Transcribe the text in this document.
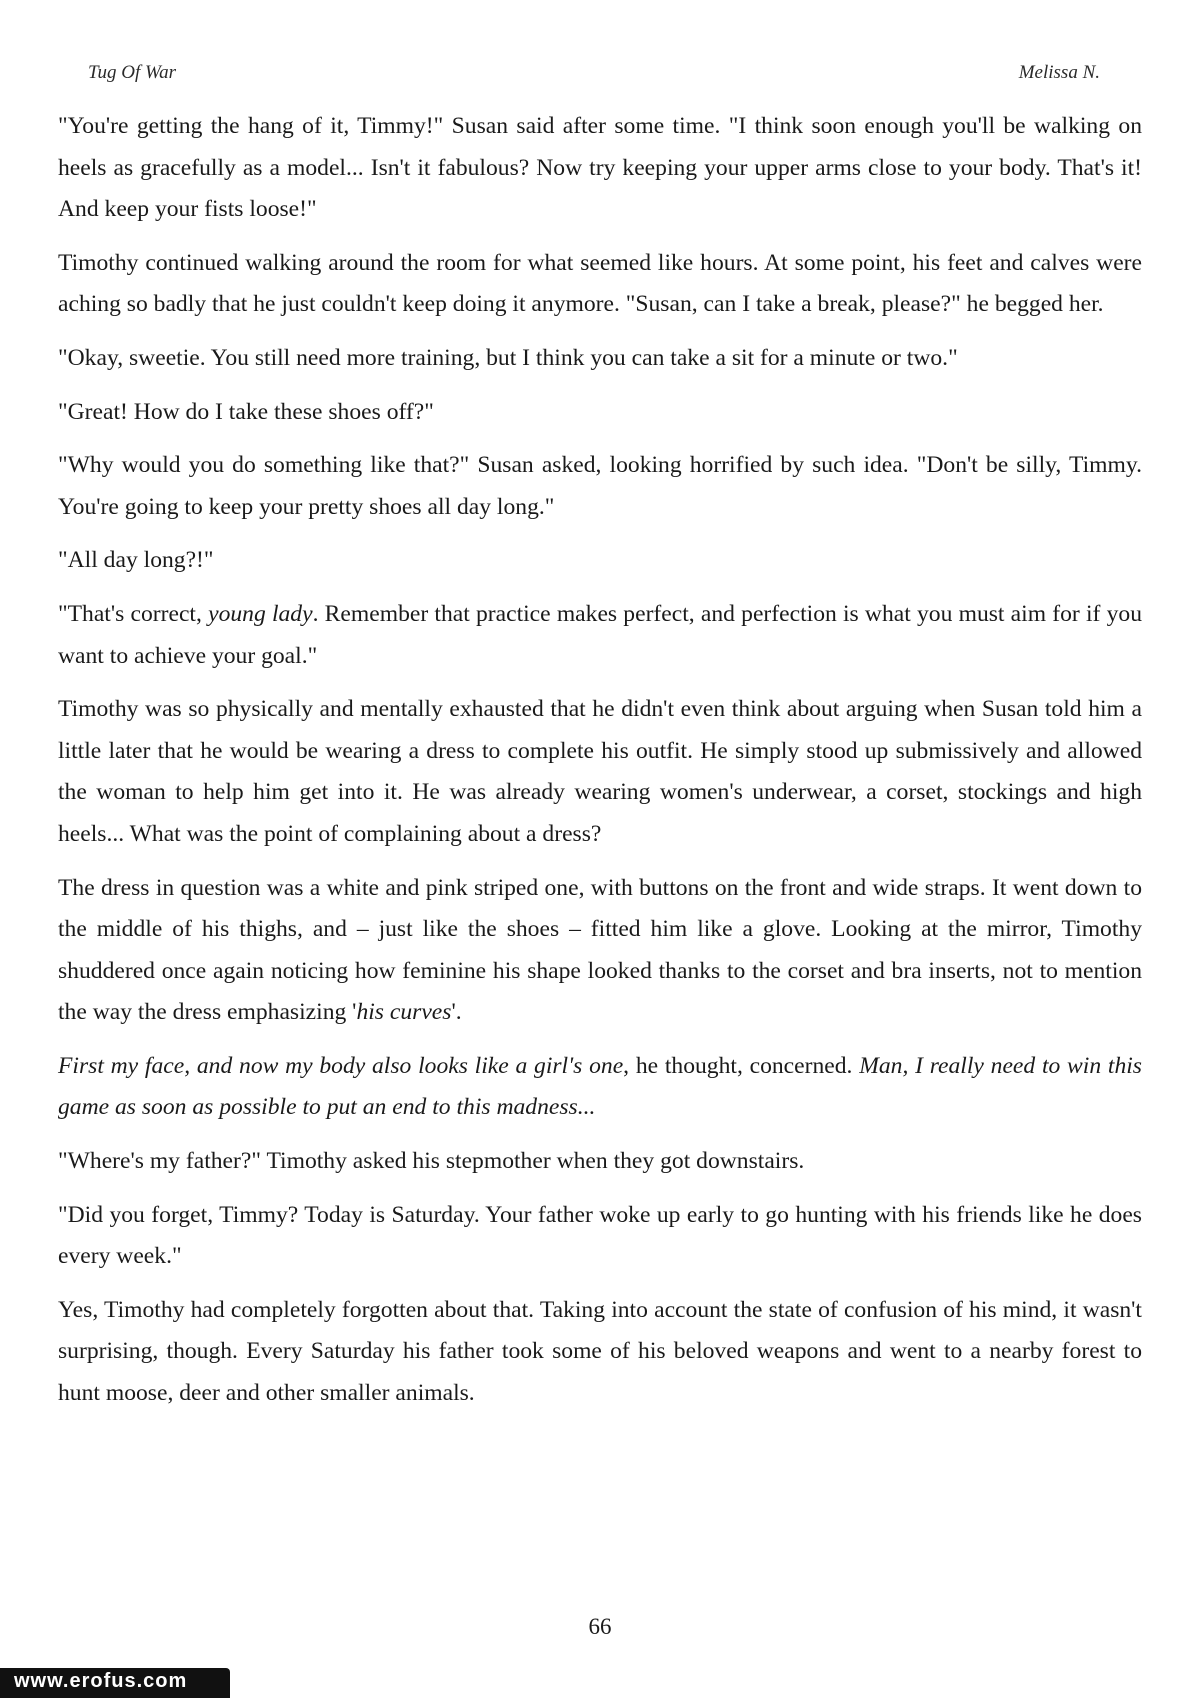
Tug Of War	Melissa N.

"You're getting the hang of it, Timmy!" Susan said after some time. "I think soon enough you'll be walking on heels as gracefully as a model... Isn't it fabulous? Now try keeping your upper arms close to your body. That's it! And keep your fists loose!"

Timothy continued walking around the room for what seemed like hours. At some point, his feet and calves were aching so badly that he just couldn't keep doing it anymore. "Susan, can I take a break, please?" he begged her.

"Okay, sweetie. You still need more training, but I think you can take a sit for a minute or two."

"Great! How do I take these shoes off?"

"Why would you do something like that?" Susan asked, looking horrified by such idea. "Don't be silly, Timmy. You're going to keep your pretty shoes all day long."

"All day long?!"

"That's correct, young lady. Remember that practice makes perfect, and perfection is what you must aim for if you want to achieve your goal."

Timothy was so physically and mentally exhausted that he didn't even think about arguing when Susan told him a little later that he would be wearing a dress to complete his outfit. He simply stood up submissively and allowed the woman to help him get into it. He was already wearing women's underwear, a corset, stockings and high heels... What was the point of complaining about a dress?

The dress in question was a white and pink striped one, with buttons on the front and wide straps. It went down to the middle of his thighs, and – just like the shoes – fitted him like a glove. Looking at the mirror, Timothy shuddered once again noticing how feminine his shape looked thanks to the corset and bra inserts, not to mention the way the dress emphasizing 'his curves'.

First my face, and now my body also looks like a girl's one, he thought, concerned. Man, I really need to win this game as soon as possible to put an end to this madness...

"Where's my father?" Timothy asked his stepmother when they got downstairs.

"Did you forget, Timmy? Today is Saturday. Your father woke up early to go hunting with his friends like he does every week."

Yes, Timothy had completely forgotten about that. Taking into account the state of confusion of his mind, it wasn't surprising, though. Every Saturday his father took some of his beloved weapons and went to a nearby forest to hunt moose, deer and other smaller animals.

66
www.erofus.com
